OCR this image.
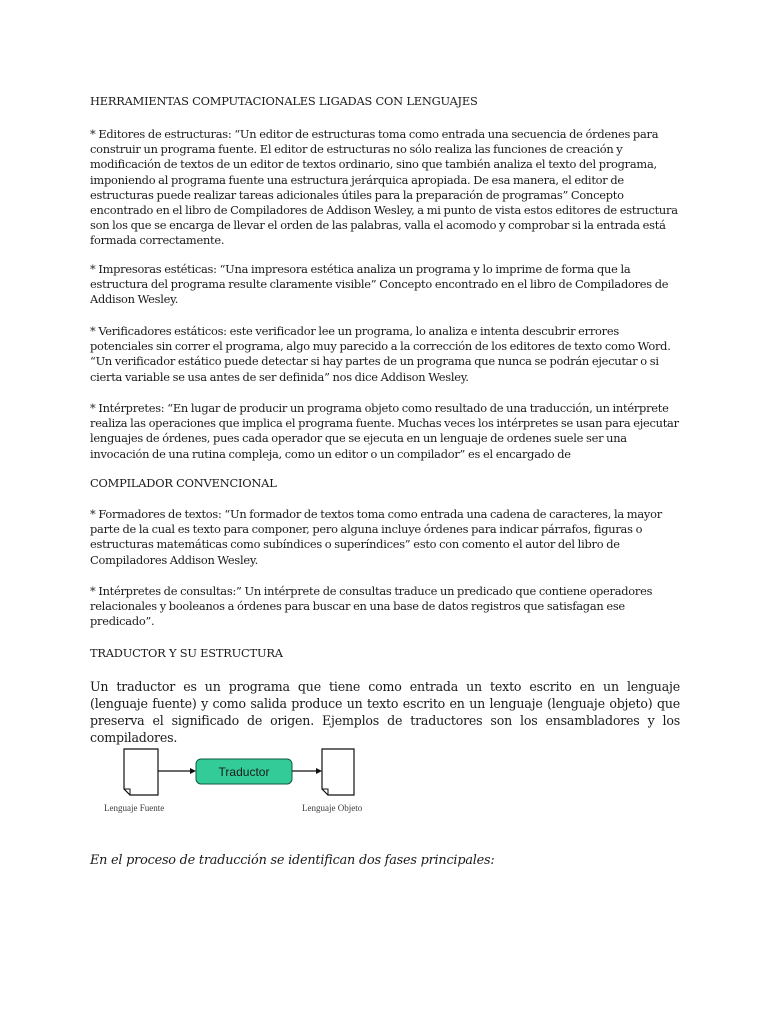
HERRAMIENTAS COMPUTACIONALES LIGADAS CON LENGUAJES

* Editores de estructuras: “Un editor de estructuras toma como entrada una secuencia de órdenes para construir un programa fuente. El editor de estructuras no sólo realiza las funciones de creación y modificación de textos de un editor de textos ordinario, sino que también analiza el texto del programa, imponiendo al programa fuente una estructura jerárquica apropiada. De esa manera, el editor de estructuras puede realizar tareas adicionales útiles para la preparación de programas” Concepto encontrado en el libro de Compiladores de Addison Wesley, a mi punto de vista estos editores de estructura son los que se encarga de llevar el orden de las palabras, valla el acomodo y comprobar si la entrada está formada correctamente.

* Impresoras estéticas: “Una impresora estética analiza un programa y lo imprime de forma que la estructura del programa resulte claramente visible” Concepto encontrado en el libro de Compiladores de Addison Wesley.

* Verificadores estáticos: este verificador lee un programa, lo analiza e intenta descubrir errores potenciales sin correr el programa, algo muy parecido a la corrección de los editores de texto como Word. “Un verificador estático puede detectar si hay partes de un programa que nunca se podrán ejecutar o si cierta variable se usa antes de ser definida” nos dice Addison Wesley.

* Intérpretes: “En lugar de producir un programa objeto como resultado de una traducción, un intérprete realiza las operaciones que implica el programa fuente. Muchas veces los intérpretes se usan para ejecutar lenguajes de órdenes, pues cada operador que se ejecuta en un lenguaje de ordenes suele ser una invocación de una rutina compleja, como un editor o un compilador” es el encargado de

COMPILADOR CONVENCIONAL

* Formadores de textos: “Un formador de textos toma como entrada una cadena de caracteres, la mayor parte de la cual es texto para componer, pero alguna incluye órdenes para indicar párrafos, figuras o estructuras matemáticas como subíndices o superíndices” esto con comento el autor del libro de Compiladores Addison Wesley.

* Intérpretes de consultas:” Un intérprete de consultas traduce un predicado que contiene operadores relacionales y booleanos a órdenes para buscar en una base de datos registros que satisfagan ese predicado”.

TRADUCTOR Y SU ESTRUCTURA

Un traductor es un programa que tiene como entrada un texto escrito en un lenguaje (lenguaje fuente) y como salida produce un texto escrito en un lenguaje (lenguaje objeto) que preserva el significado de origen. Ejemplos de traductores son los ensambladores y los compiladores.

Traductor
Lenguaje Fuente	Lenguaje Objeto

En el proceso de traducción se identifican dos fases principales:
